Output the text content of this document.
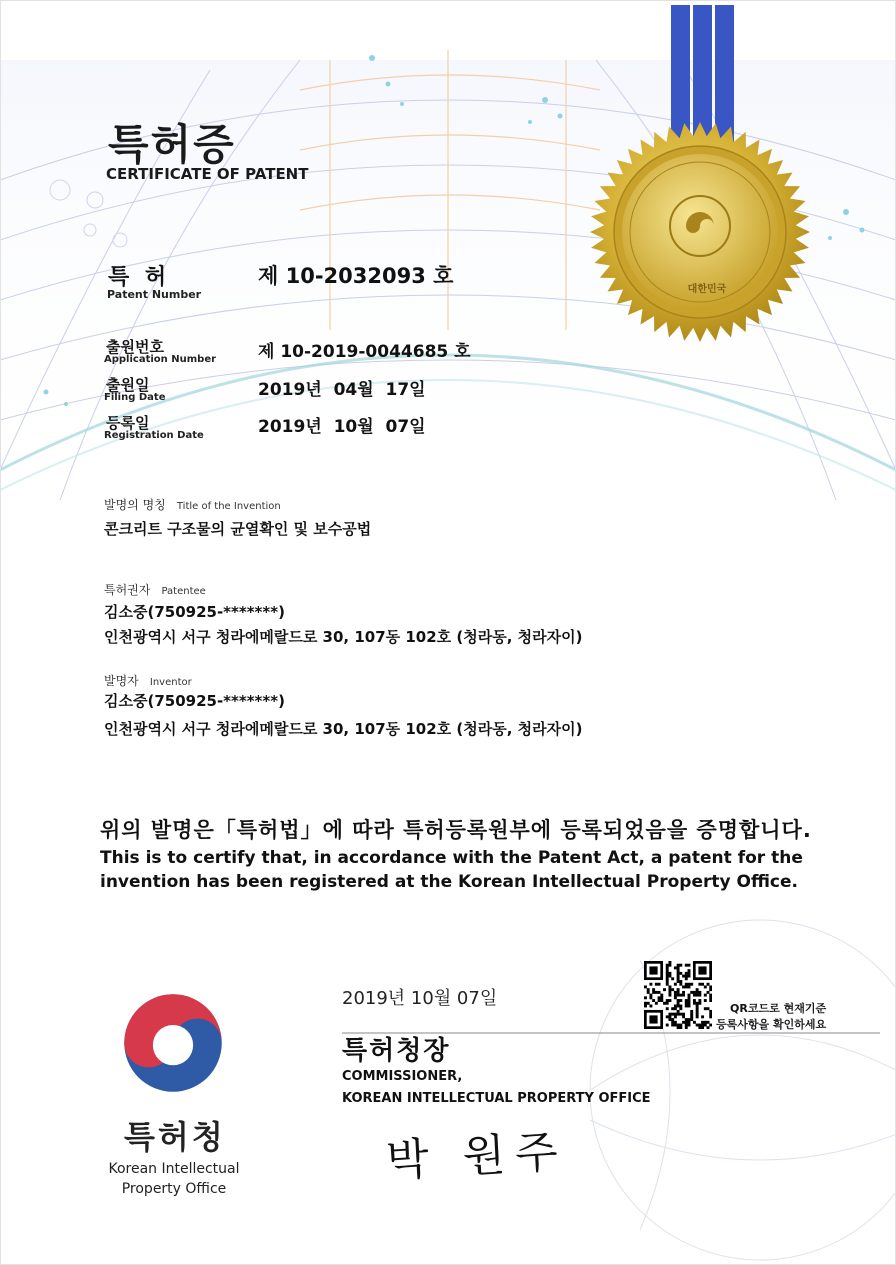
대한민국
특허증
CERTIFICATE OF PATENT
특 허
Patent Number
제 10-2032093 호
출원번호
Application Number 제 10-2019-0044685 호
출원일
Filing Date	2019년  04월  17일
등록일
Registration Date	2019년  10월  07일
발명의 명칭 Title of the Invention
콘크리트 구조물의 균열확인 및 보수공법
특허권자 Patentee
김소중(750925-*******)
인천광역시 서구 청라에메랄드로 30, 107동 102호 (청라동, 청라자이)
발명자 Inventor
김소중(750925-*******)
인천광역시 서구 청라에메랄드로 30, 107동 102호 (청라동, 청라자이)
위의 발명은「특허법」에 따라 특허등록원부에 등록되었음을 증명합니다.
This is to certify that, in accordance with the Patent Act, a patent for the invention has been registered at the Korean Intellectual Property Office.
2019년 10월 07일
특허청장
COMMISSIONER,
KOREAN INTELLECTUAL PROPERTY OFFICE
박 원주
QR코드로 현재기준
등록사항을 확인하세요
특허청
Korean Intellectual Property Office
